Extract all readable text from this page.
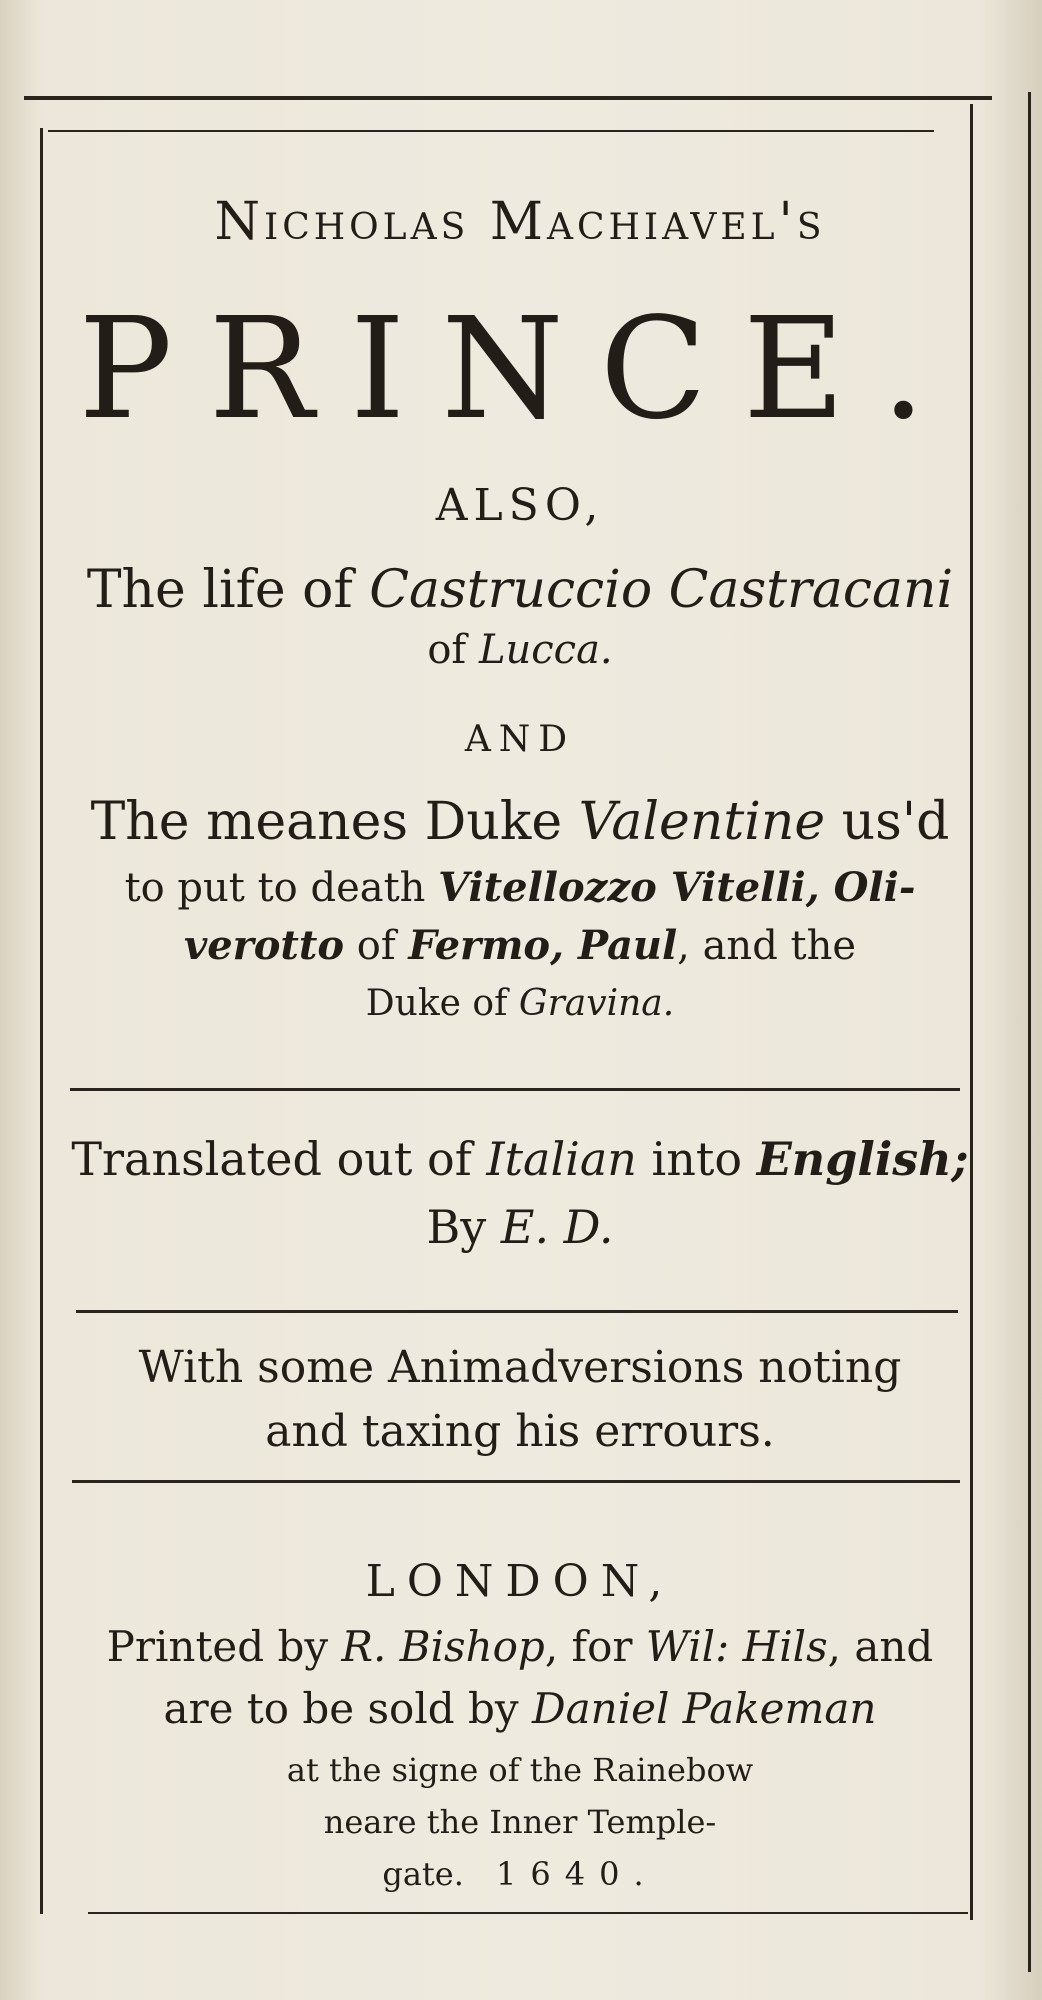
Nicholas Machiavel's
PRINCE.
ALSO,
The life of Castruccio Castracani
of Lucca.
AND
The meanes Duke Valentine us'd
to put to death Vitellozzo Vitelli, Oli-
verotto of Fermo, Paul, and the
Duke of Gravina.
Translated out of Italian into English;
By E. D.
With some Animadversions noting
and taxing his errours.
LONDON,
Printed by R. Bishop, for Wil: Hils, and
are to be sold by Daniel Pakeman
at the signe of the Rainebow
neare the Inner Temple-
gate. 1640.
